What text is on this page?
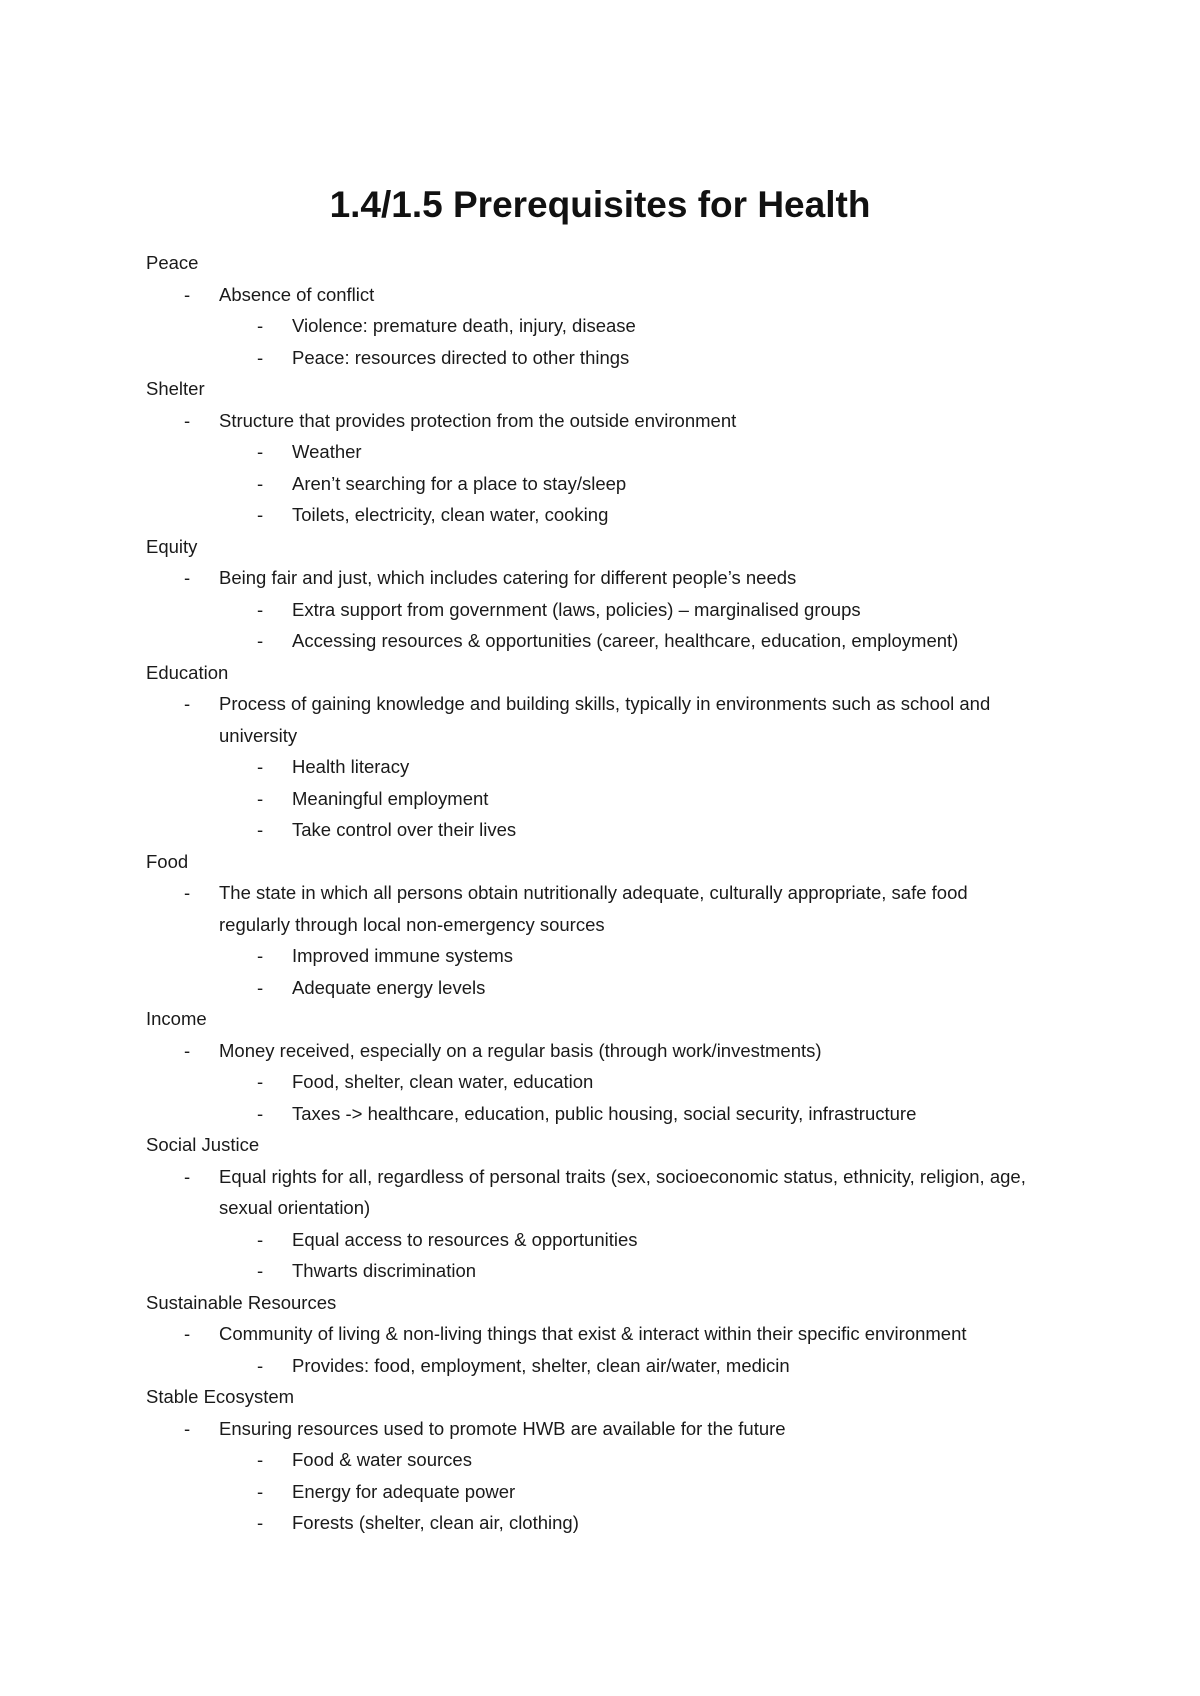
1.4/1.5 Prerequisites for Health
Peace
- Absence of conflict
- Violence: premature death, injury, disease
- Peace: resources directed to other things
Shelter
- Structure that provides protection from the outside environment
- Weather
- Aren’t searching for a place to stay/sleep
- Toilets, electricity, clean water, cooking
Equity
- Being fair and just, which includes catering for different people’s needs
- Extra support from government (laws, policies) – marginalised groups
- Accessing resources & opportunities (career, healthcare, education, employment)
Education
- Process of gaining knowledge and building skills, typically in environments such as school and university
- Health literacy
- Meaningful employment
- Take control over their lives
Food
- The state in which all persons obtain nutritionally adequate, culturally appropriate, safe food regularly through local non-emergency sources
- Improved immune systems
- Adequate energy levels
Income
- Money received, especially on a regular basis (through work/investments)
- Food, shelter, clean water, education
- Taxes -> healthcare, education, public housing, social security, infrastructure
Social Justice
- Equal rights for all, regardless of personal traits (sex, socioeconomic status, ethnicity, religion, age, sexual orientation)
- Equal access to resources & opportunities
- Thwarts discrimination
Sustainable Resources
- Community of living & non-living things that exist & interact within their specific environment
- Provides: food, employment, shelter, clean air/water, medicin
Stable Ecosystem
- Ensuring resources used to promote HWB are available for the future
- Food & water sources
- Energy for adequate power
- Forests (shelter, clean air, clothing)
